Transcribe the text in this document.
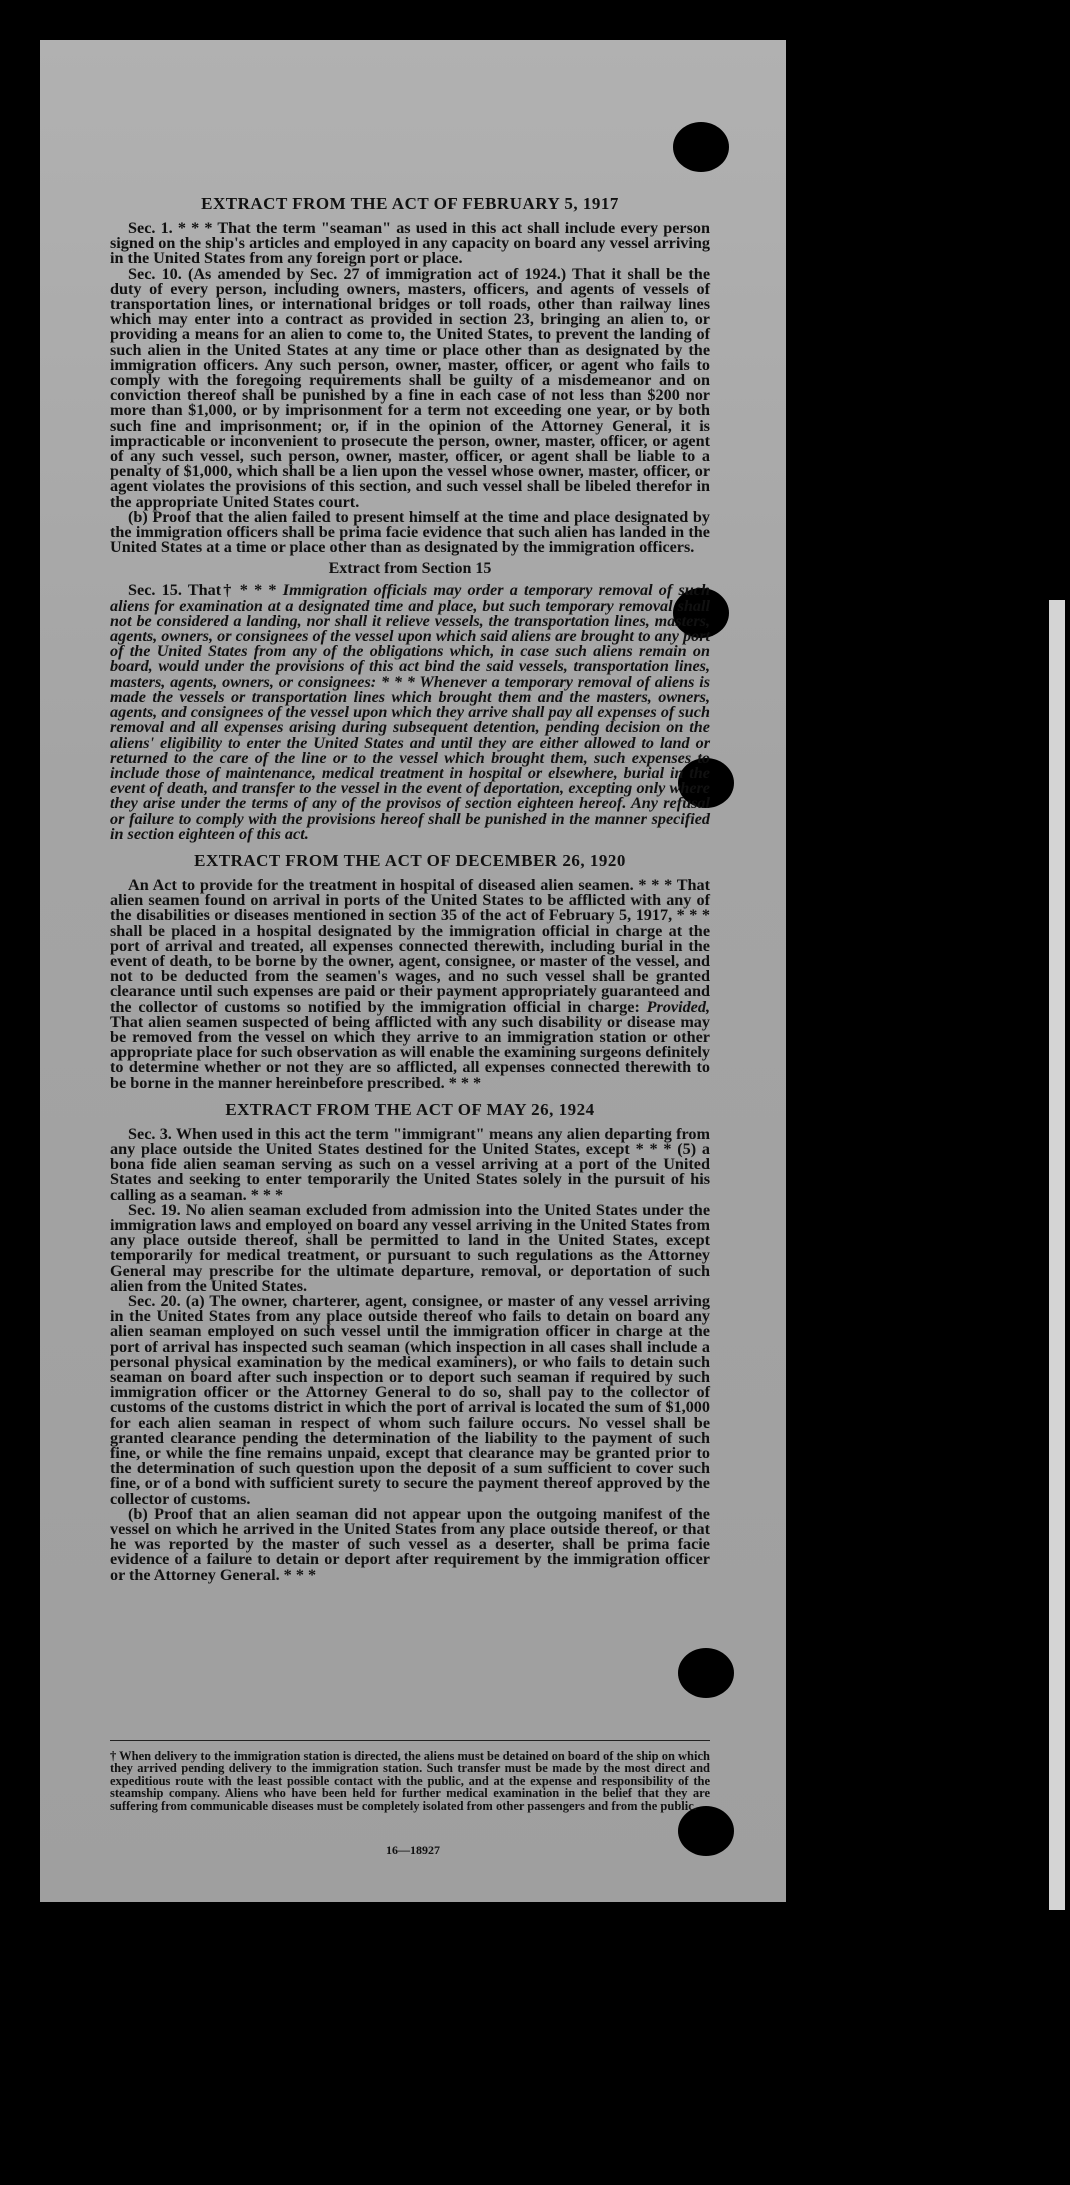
EXTRACT FROM THE ACT OF FEBRUARY 5, 1917

Sec. 1. * * * That the term "seaman" as used in this act shall include every person signed on the ship's articles and employed in any capacity on board any vessel arriving in the United States from any foreign port or place.

Sec. 10. (As amended by Sec. 27 of immigration act of 1924.) That it shall be the duty of every person, including owners, masters, officers, and agents of vessels of transportation lines, or international bridges or toll roads, other than railway lines which may enter into a contract as provided in section 23, bringing an alien to, or providing a means for an alien to come to, the United States, to prevent the landing of such alien in the United States at any time or place other than as designated by the immigration officers. Any such person, owner, master, officer, or agent who fails to comply with the foregoing requirements shall be guilty of a misdemeanor and on conviction thereof shall be punished by a fine in each case of not less than $200 nor more than $1,000, or by imprisonment for a term not exceeding one year, or by both such fine and imprisonment; or, if in the opinion of the Attorney General, it is impracticable or inconvenient to prosecute the person, owner, master, officer, or agent of any such vessel, such person, owner, master, officer, or agent shall be liable to a penalty of $1,000, which shall be a lien upon the vessel whose owner, master, officer, or agent violates the provisions of this section, and such vessel shall be libeled therefor in the appropriate United States court.

(b) Proof that the alien failed to present himself at the time and place designated by the immigration officers shall be prima facie evidence that such alien has landed in the United States at a time or place other than as designated by the immigration officers.

Extract from Section 15

Sec. 15. That† * * * Immigration officials may order a temporary removal of such aliens for examination at a designated time and place, but such temporary removal shall not be considered a landing, nor shall it relieve vessels, the transportation lines, masters, agents, owners, or consignees of the vessel upon which said aliens are brought to any port of the United States from any of the obligations which, in case such aliens remain on board, would under the provisions of this act bind the said vessels, transportation lines, masters, agents, owners, or consignees: * * * Whenever a temporary removal of aliens is made the vessels or transportation lines which brought them and the masters, owners, agents, and consignees of the vessel upon which they arrive shall pay all expenses of such removal and all expenses arising during subsequent detention, pending decision on the aliens' eligibility to enter the United States and until they are either allowed to land or returned to the care of the line or to the vessel which brought them, such expenses to include those of maintenance, medical treatment in hospital or elsewhere, burial in the event of death, and transfer to the vessel in the event of deportation, excepting only where they arise under the terms of any of the provisos of section eighteen hereof. Any refusal or failure to comply with the provisions hereof shall be punished in the manner specified in section eighteen of this act.

EXTRACT FROM THE ACT OF DECEMBER 26, 1920

An Act to provide for the treatment in hospital of diseased alien seamen. * * * That alien seamen found on arrival in ports of the United States to be afflicted with any of the disabilities or diseases mentioned in section 35 of the act of February 5, 1917, * * * shall be placed in a hospital designated by the immigration official in charge at the port of arrival and treated, all expenses connected therewith, including burial in the event of death, to be borne by the owner, agent, consignee, or master of the vessel, and not to be deducted from the seamen's wages, and no such vessel shall be granted clearance until such expenses are paid or their payment appropriately guaranteed and the collector of customs so notified by the immigration official in charge: Provided, That alien seamen suspected of being afflicted with any such disability or disease may be removed from the vessel on which they arrive to an immigration station or other appropriate place for such observation as will enable the examining surgeons definitely to determine whether or not they are so afflicted, all expenses connected therewith to be borne in the manner hereinbefore prescribed. * * *

EXTRACT FROM THE ACT OF MAY 26, 1924

Sec. 3. When used in this act the term "immigrant" means any alien departing from any place outside the United States destined for the United States, except * * * (5) a bona fide alien seaman serving as such on a vessel arriving at a port of the United States and seeking to enter temporarily the United States solely in the pursuit of his calling as a seaman. * * *

Sec. 19. No alien seaman excluded from admission into the United States under the immigration laws and employed on board any vessel arriving in the United States from any place outside thereof, shall be permitted to land in the United States, except temporarily for medical treatment, or pursuant to such regulations as the Attorney General may prescribe for the ultimate departure, removal, or deportation of such alien from the United States.

Sec. 20. (a) The owner, charterer, agent, consignee, or master of any vessel arriving in the United States from any place outside thereof who fails to detain on board any alien seaman employed on such vessel until the immigration officer in charge at the port of arrival has inspected such seaman (which inspection in all cases shall include a personal physical examination by the medical examiners), or who fails to detain such seaman on board after such inspection or to deport such seaman if required by such immigration officer or the Attorney General to do so, shall pay to the collector of customs of the customs district in which the port of arrival is located the sum of $1,000 for each alien seaman in respect of whom such failure occurs. No vessel shall be granted clearance pending the determination of the liability to the payment of such fine, or while the fine remains unpaid, except that clearance may be granted prior to the determination of such question upon the deposit of a sum sufficient to cover such fine, or of a bond with sufficient surety to secure the payment thereof approved by the collector of customs.

(b) Proof that an alien seaman did not appear upon the outgoing manifest of the vessel on which he arrived in the United States from any place outside thereof, or that he was reported by the master of such vessel as a deserter, shall be prima facie evidence of a failure to detain or deport after requirement by the immigration officer or the Attorney General. * * *

† When delivery to the immigration station is directed, the aliens must be detained on board of the ship on which they arrived pending delivery to the immigration station. Such transfer must be made by the most direct and expeditious route with the least possible contact with the public, and at the expense and responsibility of the steamship company. Aliens who have been held for further medical examination in the belief that they are suffering from communicable diseases must be completely isolated from other passengers and from the public.
16—18927
